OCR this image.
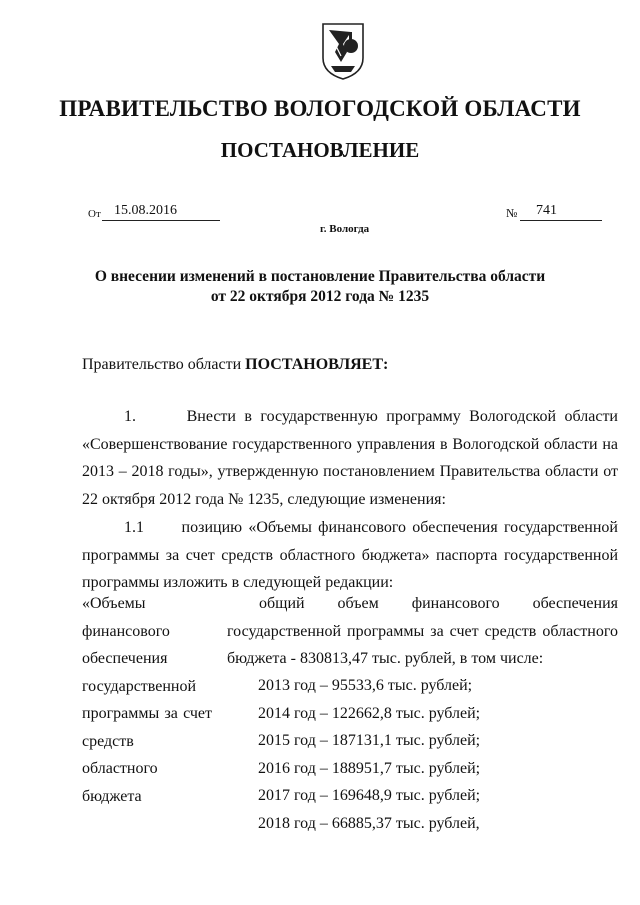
ПРАВИТЕЛЬСТВО ВОЛОГОДСКОЙ ОБЛАСТИ
ПОСТАНОВЛЕНИЕ
От 15.08.2016	№	741
г. Вологда
О внесении изменений в постановление Правительства области
от 22 октября 2012 года № 1235
Правительство области ПОСТАНОВЛЯЕТ:

1.      Внести в государственную программу Вологодской области «Совершенствование государственного управления в Вологодской области на 2013 – 2018 годы», утвержденную постановлением Правительства области от 22 октября 2012 года № 1235, следующие изменения:

1.1      позицию «Объемы финансового обеспечения государственной программы за счет средств областного бюджета» паспорта государственной программы изложить в следующей редакции:

«Объемы финансового обеспечения государственной программы за счет средств областного бюджета

общий объем финансового обеспечения государственной программы за счет средств областного бюджета - 830813,47 тыс. рублей, в том числе:

2013 год – 95533,6 тыс. рублей;
2014 год – 122662,8 тыс. рублей;
2015 год – 187131,1 тыс. рублей;
2016 год – 188951,7 тыс. рублей;
2017 год – 169648,9 тыс. рублей;
2018 год – 66885,37 тыс. рублей,
